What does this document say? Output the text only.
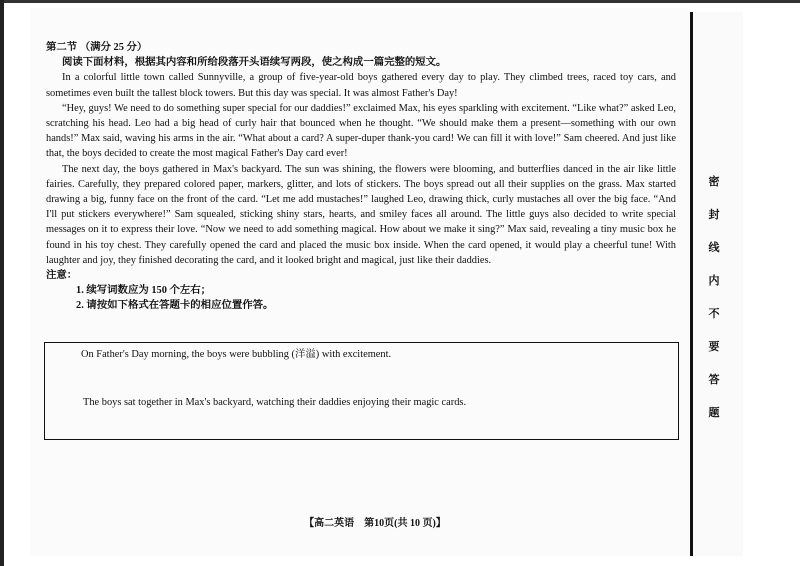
第二节 （满分 25 分）

阅读下面材料，根据其内容和所给段落开头语续写两段，使之构成一篇完整的短文。

In a colorful little town called Sunnyville, a group of five-year-old boys gathered every day to play. They climbed trees, raced toy cars, and sometimes even built the tallest block towers. But this day was special. It was almost Father's Day!

“Hey, guys! We need to do something super special for our daddies!” exclaimed Max, his eyes sparkling with excitement. “Like what?” asked Leo, scratching his head. Leo had a big head of curly hair that bounced when he thought. “We should make them a present—something with our own hands!” Max said, waving his arms in the air. “What about a card? A super-duper thank-you card! We can fill it with love!” Sam cheered. And just like that, the boys decided to create the most magical Father's Day card ever!

The next day, the boys gathered in Max's backyard. The sun was shining, the flowers were blooming, and butterflies danced in the air like little fairies. Carefully, they prepared colored paper, markers, glitter, and lots of stickers. The boys spread out all their supplies on the grass. Max started drawing a big, funny face on the front of the card. “Let me add mustaches!” laughed Leo, drawing thick, curly mustaches all over the big face. “And I'll put stickers everywhere!” Sam squealed, sticking shiny stars, hearts, and smiley faces all around. The little guys also decided to write special messages on it to express their love. “Now we need to add something magical. How about we make it sing?” Max said, revealing a tiny music box he found in his toy chest. They carefully opened the card and placed the music box inside. When the card opened, it would play a cheerful tune! With laughter and joy, they finished decorating the card, and it looked bright and magical, just like their daddies.

注意：

1. 续写词数应为 150 个左右；

2. 请按如下格式在答题卡的相应位置作答。

On Father's Day morning, the boys were bubbling (洋溢) with excitement.

The boys sat together in Max's backyard, watching their daddies enjoying their magic cards.

【高二英语　第10页(共 10 页)】
密
封
线
内
不
要
答
题
